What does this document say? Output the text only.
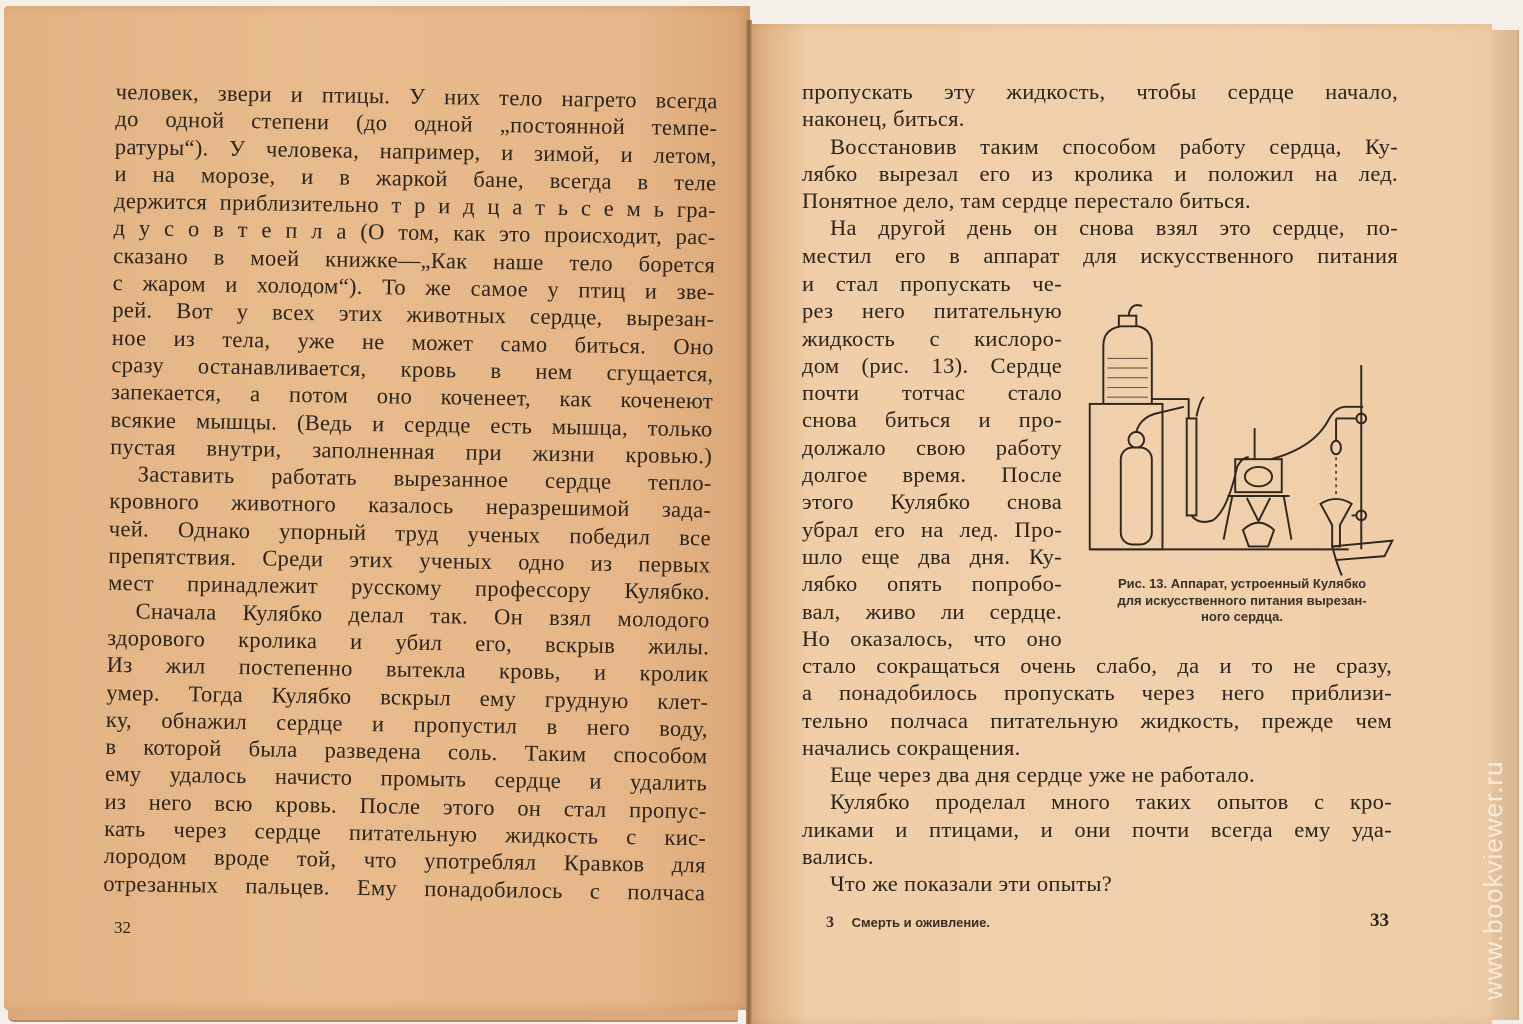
человек, звери и птицы. У них тело нагрето всегда
до одной степени (до одной „постоянной темпе-
ратуры“). У человека, например, и зимой, и летом,
и на морозе, и в жаркой бане, всегда в теле
держится приблизительно т р и д ц а т ь с е м ь гра-
д у с о в т е п л а (О том, как это происходит, рас-
сказано в моей книжке—„Как наше тело борется
с жаром и холодом“). То же самое у птиц и зве-
рей. Вот у всех этих животных сердце, вырезан-
ное из тела, уже не может само биться. Оно
сразу останавливается, кровь в нем сгущается,
запекается, а потом оно коченеет, как коченеют
всякие мышцы. (Ведь и сердце есть мышца, только
пустая внутри, заполненная при жизни кровью.)
Заставить работать вырезанное сердце тепло-
кровного животного казалось неразрешимой зада-
чей. Однако упорный труд ученых победил все
препятствия. Среди этих ученых одно из первых
мест принадлежит русскому профессору Кулябко.
Сначала Кулябко делал так. Он взял молодого
здорового кролика и убил его, вскрыв жилы.
Из жил постепенно вытекла кровь, и кролик
умер. Тогда Кулябко вскрыл ему грудную клет-
ку, обнажил сердце и пропустил в него воду,
в которой была разведена соль. Таким способом
ему удалось начисто промыть сердце и удалить
из него всю кровь. После этого он стал пропус-
кать через сердце питательную жидкость с кис-
лородом вроде той, что употреблял Кравков для
отрезанных пальцев. Ему понадобилось с полчаса
пропускать эту жидкость, чтобы сердце начало,
наконец, биться.
Восстановив таким способом работу сердца, Ку-
лябко вырезал его из кролика и положил на лед.
Понятное дело, там сердце перестало биться.
На другой день он снова взял это сердце, по-
местил его в аппарат для искусственного питания
и стал пропускать че-
рез него питательную
жидкость с кислоро-
дом (рис. 13). Сердце
почти тотчас стало
снова биться и про-
должало свою работу
долгое время. После
этого Кулябко снова
убрал его на лед. Про-
шло еще два дня. Ку-
лябко опять попробо-
вал, живо ли сердце.
Но оказалось, что оно
Рис. 13. Аппарат, устроенный Кулябко
для искусственного питания вырезан-
ного сердца.
стало сокращаться очень слабо, да и то не сразу,
а понадобилось пропускать через него приблизи-
тельно полчаса питательную жидкость, прежде чем
начались сокращения.
Еще через два дня сердце уже не работало.
Кулябко проделал много таких опытов с кро-
ликами и птицами, и они почти всегда ему уда-
вались.
Что же показали эти опыты?
32	3 Смерть и оживление.	33	www.bookviewer.ru
